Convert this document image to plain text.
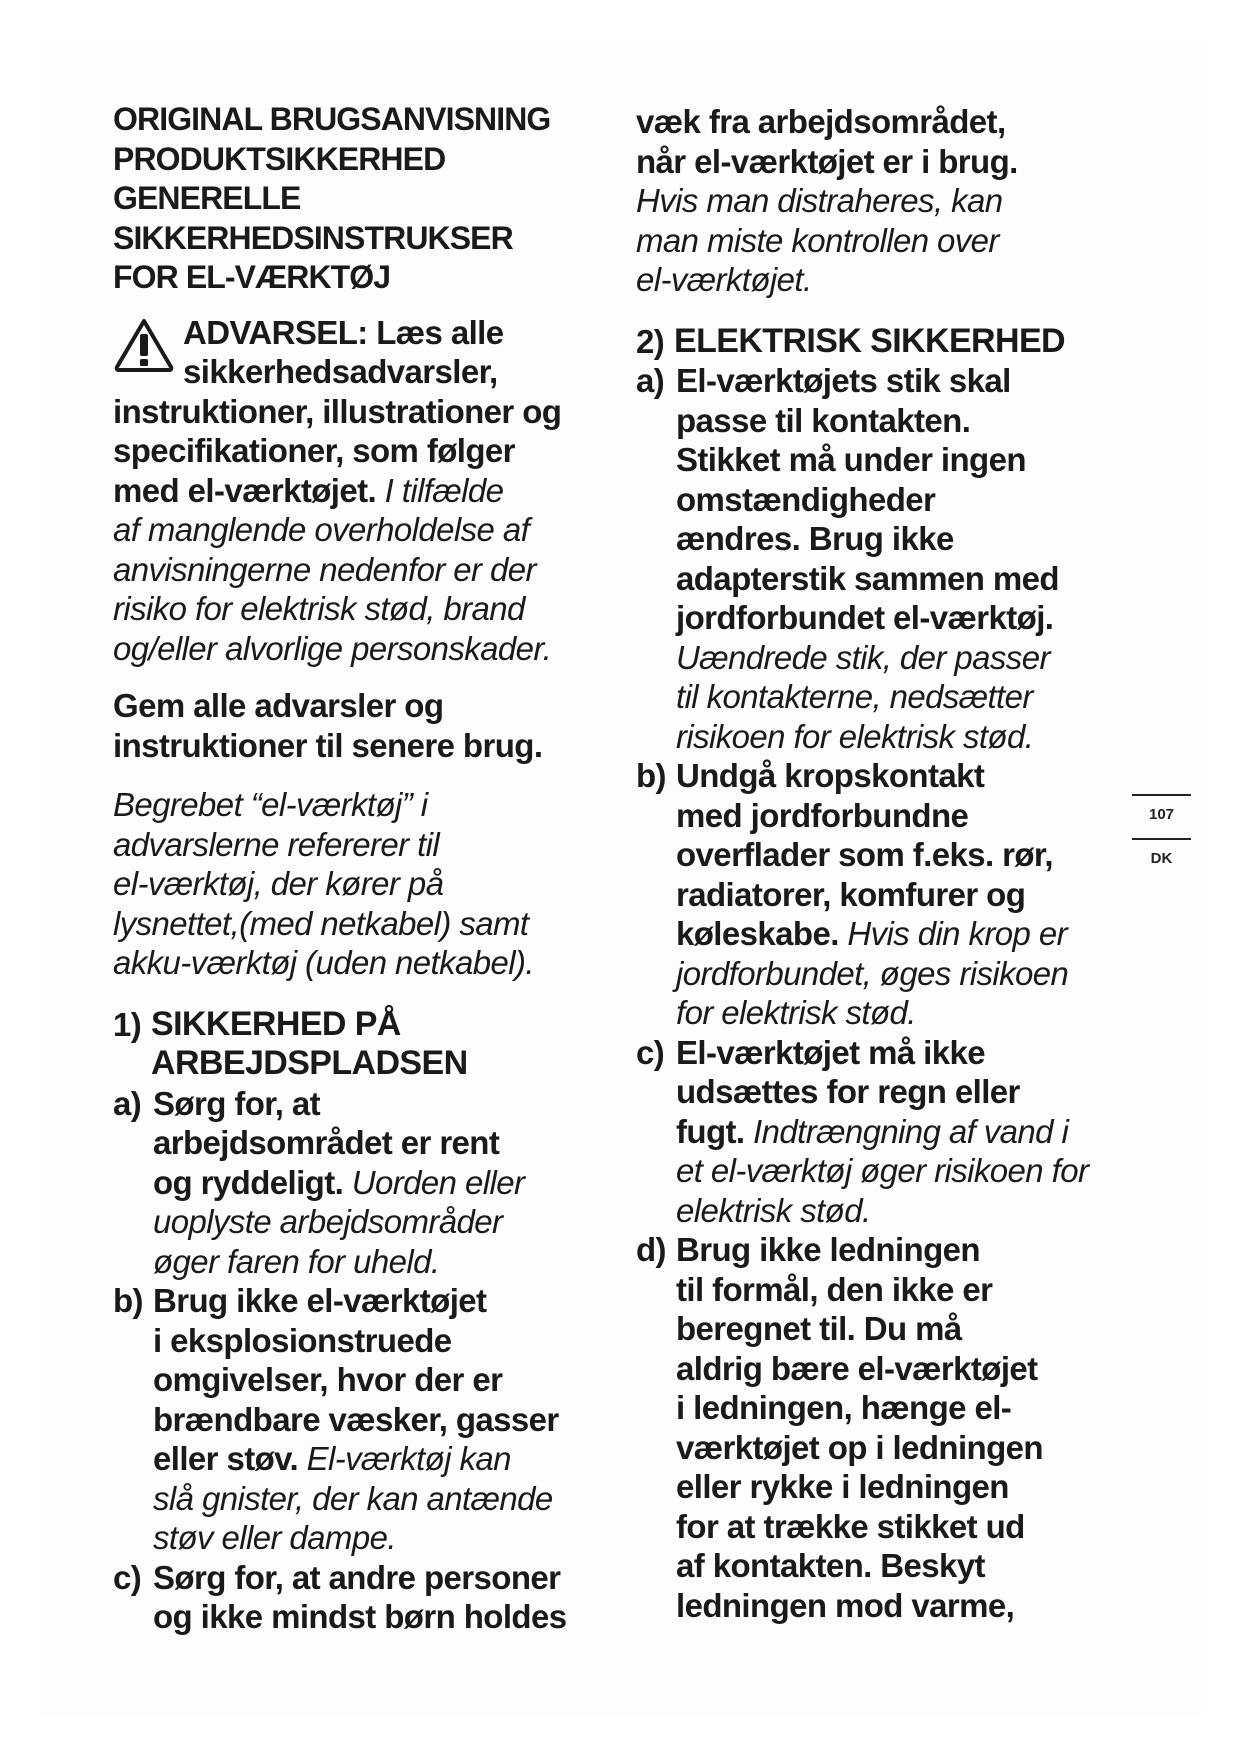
ORIGINAL BRUGSANVISNING
PRODUKTSIKKERHED
GENERELLE
SIKKERHEDSINSTRUKSER
FOR EL-VÆRKTØJ
ADVARSEL: Læs alle
sikkerhedsadvarsler,
instruktioner, illustrationer og
specifikationer, som følger
med el-værktøjet. I tilfælde
af manglende overholdelse af
anvisningerne nedenfor er der
risiko for elektrisk stød, brand
og/eller alvorlige personskader.
Gem alle advarsler og
instruktioner til senere brug.
Begrebet “el-værktøj” i
advarslerne refererer til
el-værktøj, der kører på
lysnettet,(med netkabel) samt
akku-værktøj (uden netkabel).
1) SIKKERHED PÅ
ARBEJDSPLADSEN
a) Sørg for, at
arbejdsområdet er rent
og ryddeligt. Uorden eller
uoplyste arbejdsområder
øger faren for uheld.
b) Brug ikke el-værktøjet
i eksplosionstruede
omgivelser, hvor der er
brændbare væsker, gasser
eller støv. El-værktøj kan
slå gnister, der kan antænde
støv eller dampe.
c) Sørg for, at andre personer
og ikke mindst børn holdes
væk fra arbejdsområdet,
når el-værktøjet er i brug.
Hvis man distraheres, kan
man miste kontrollen over
el-værktøjet.
2) ELEKTRISK SIKKERHED
a) El-værktøjets stik skal
passe til kontakten.
Stikket må under ingen
omstændigheder
ændres. Brug ikke
adapterstik sammen med
jordforbundet el-værktøj.
Uændrede stik, der passer
til kontakterne, nedsætter
risikoen for elektrisk stød.
b) Undgå kropskontakt
med jordforbundne
overflader som f.eks. rør,
radiatorer, komfurer og
køleskabe. Hvis din krop er
jordforbundet, øges risikoen
for elektrisk stød.
c) El-værktøjet må ikke
udsættes for regn eller
fugt. Indtrængning af vand i
et el-værktøj øger risikoen for
elektrisk stød.
d) Brug ikke ledningen
til formål, den ikke er
beregnet til. Du må
aldrig bære el-værktøjet
i ledningen, hænge el-
værktøjet op i ledningen
eller rykke i ledningen
for at trække stikket ud
af kontakten. Beskyt
ledningen mod varme,
107
DK
